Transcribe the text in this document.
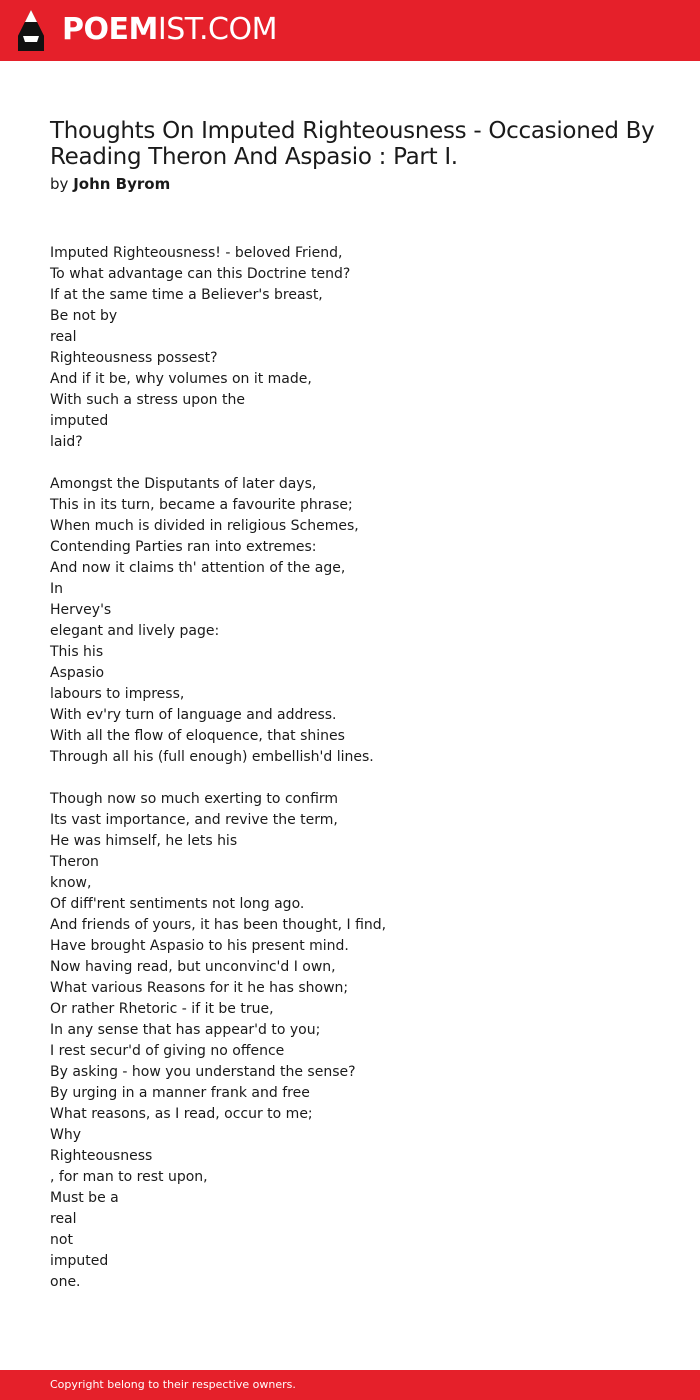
POEMIST.COM
Thoughts On Imputed Righteousness - Occasioned By Reading Theron And Aspasio : Part I.
by John Byrom
Imputed Righteousness! - beloved Friend,
To what advantage can this Doctrine tend?
If at the same time a Believer's breast,
Be not by
real
Righteousness possest?
And if it be, why volumes on it made,
With such a stress upon the
imputed
laid?
Amongst the Disputants of later days,
This in its turn, became a favourite phrase;
When much is divided in religious Schemes,
Contending Parties ran into extremes:
And now it claims th' attention of the age,
In
Hervey's
elegant and lively page:
This his
Aspasio
labours to impress,
With ev'ry turn of language and address.
With all the flow of eloquence, that shines
Through all his (full enough) embellish'd lines.
Though now so much exerting to confirm
Its vast importance, and revive the term,
He was himself, he lets his
Theron
know,
Of diff'rent sentiments not long ago.
And friends of yours, it has been thought, I find,
Have brought Aspasio to his present mind.
Now having read, but unconvinc'd I own,
What various Reasons for it he has shown;
Or rather Rhetoric - if it be true,
In any sense that has appear'd to you;
I rest secur'd of giving no offence
By asking - how you understand the sense?
By urging in a manner frank and free
What reasons, as I read, occur to me;
Why
Righteousness
, for man to rest upon,
Must be a
real
not
imputed
one.
Copyright belong to their respective owners.
